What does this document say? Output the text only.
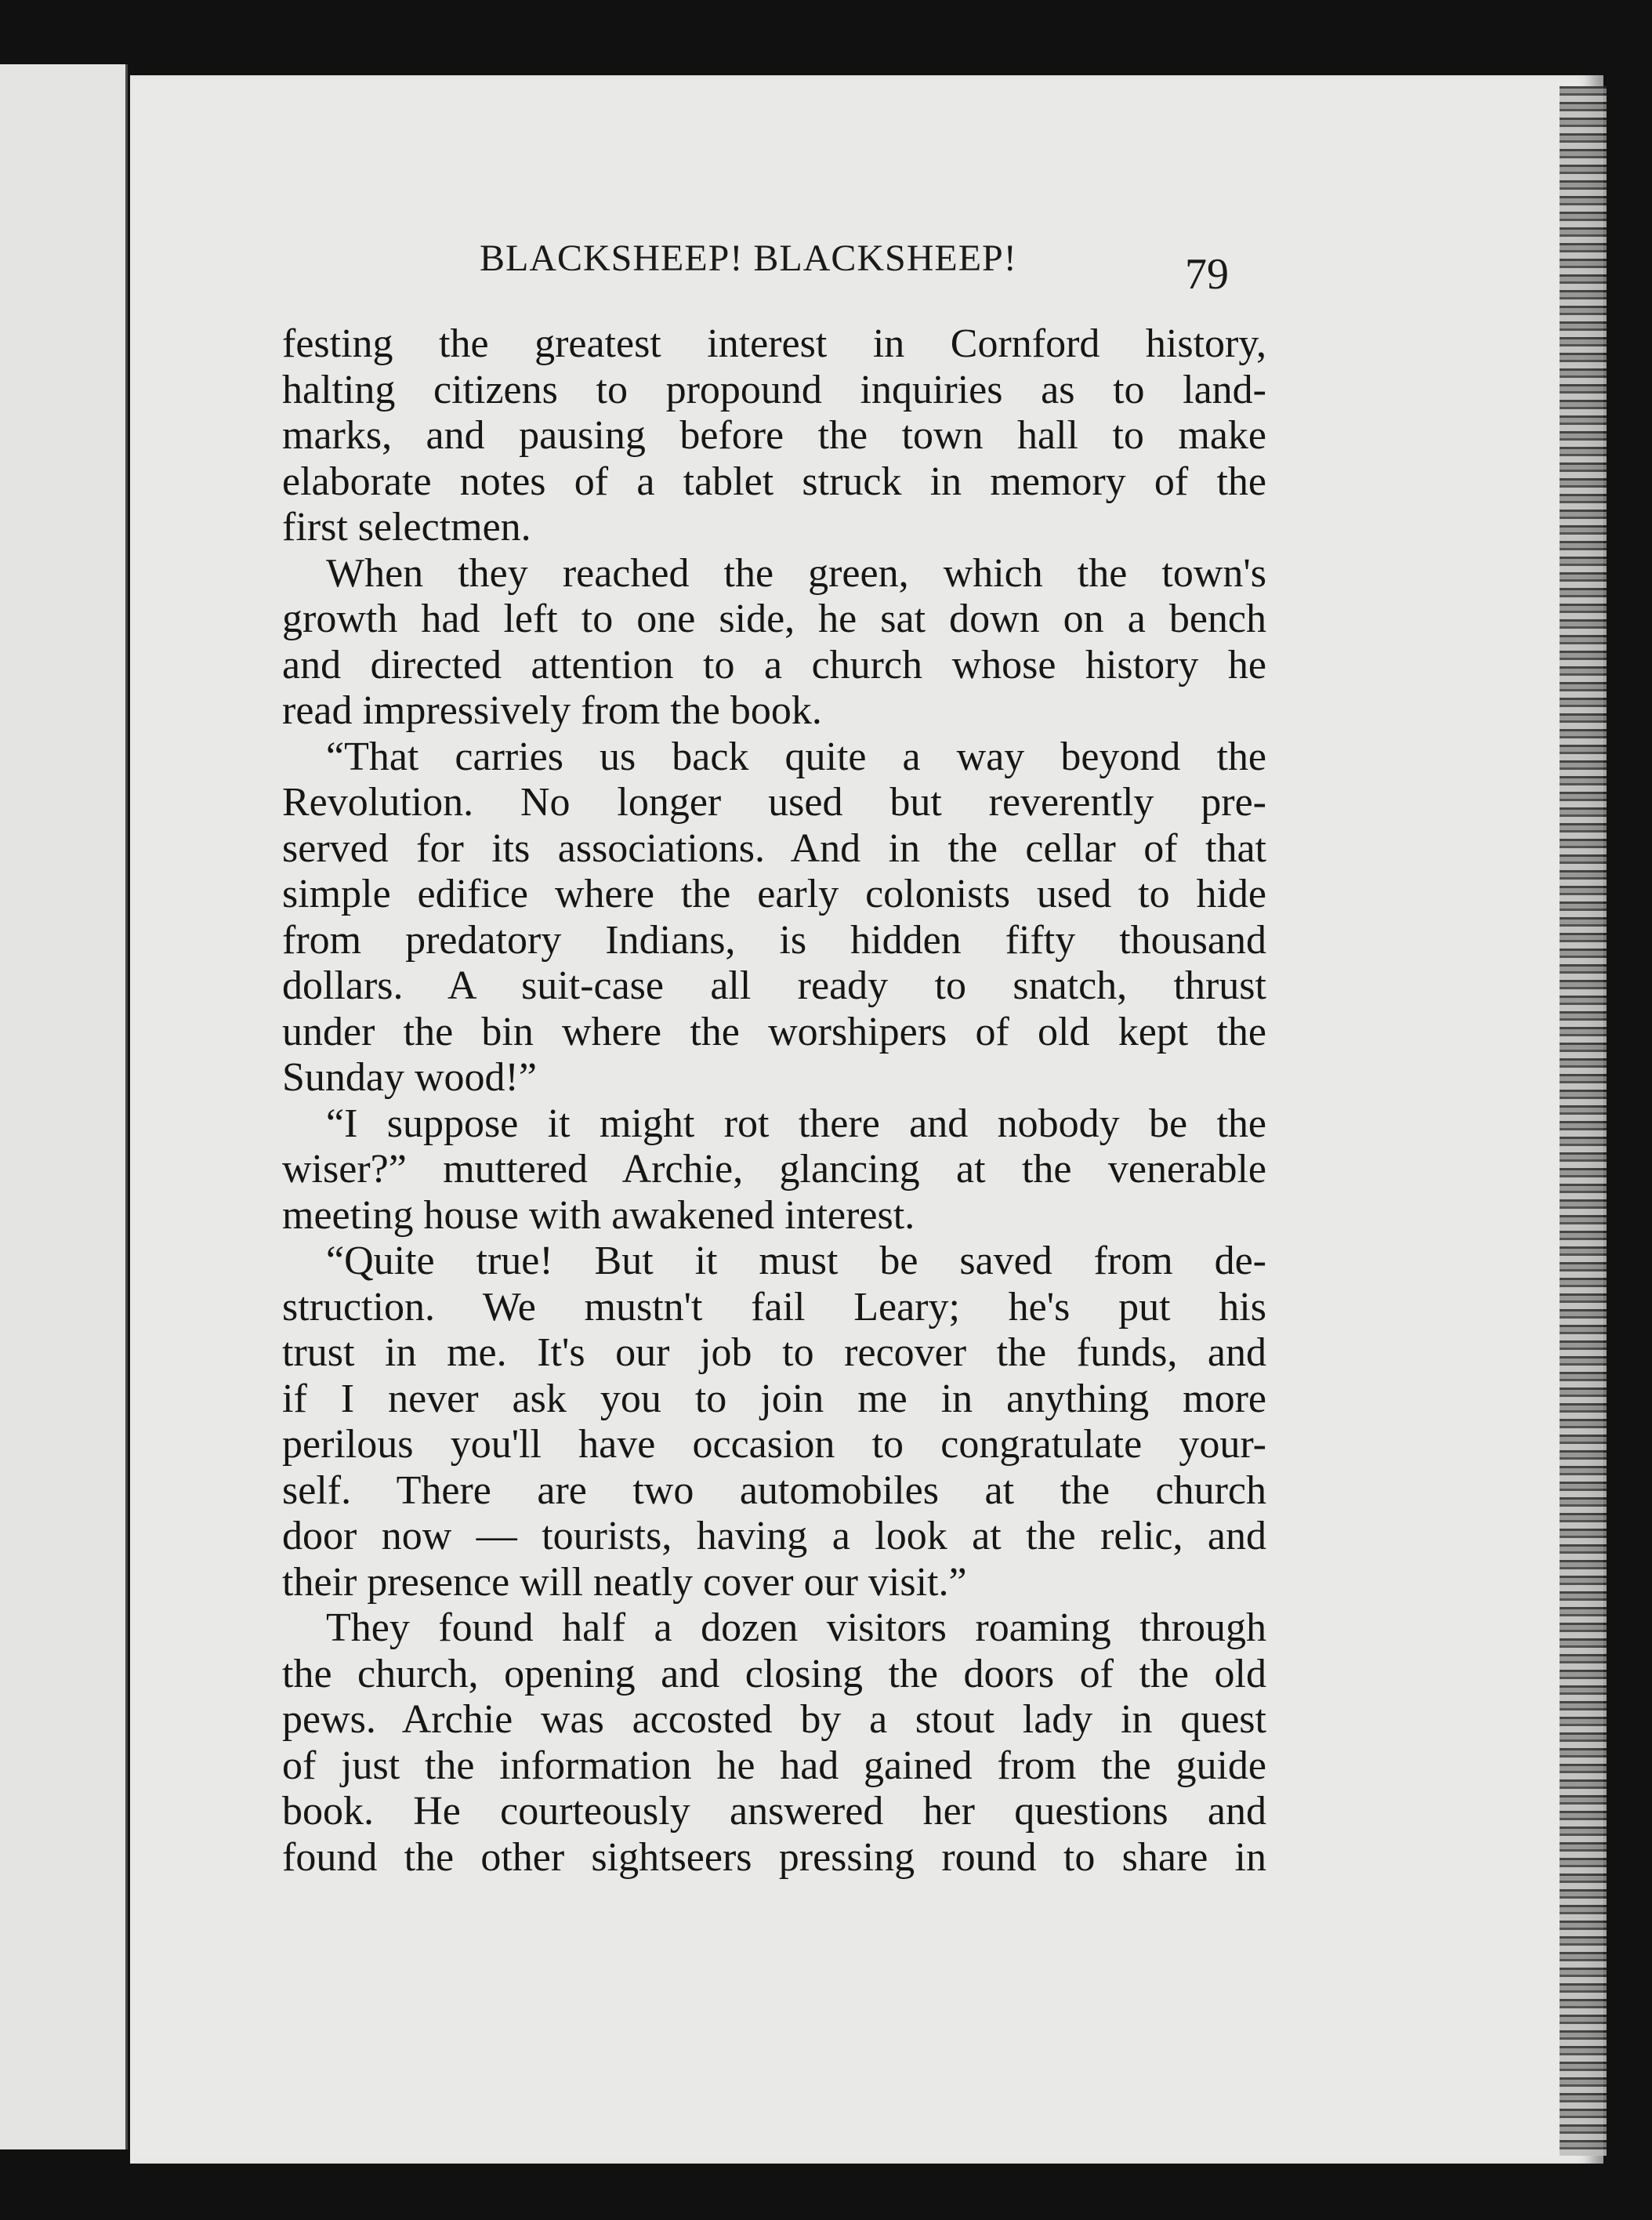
BLACKSHEEP! BLACKSHEEP!	79
festing the greatest interest in Cornford history,
halting citizens to propound inquiries as to land-
marks, and pausing before the town hall to make
elaborate notes of a tablet struck in memory of the
first selectmen.
When they reached the green, which the town's
growth had left to one side, he sat down on a bench
and directed attention to a church whose history he
read impressively from the book.
“That carries us back quite a way beyond the
Revolution. No longer used but reverently pre-
served for its associations. And in the cellar of that
simple edifice where the early colonists used to hide
from predatory Indians, is hidden fifty thousand
dollars. A suit-case all ready to snatch, thrust
under the bin where the worshipers of old kept the
Sunday wood!”
“I suppose it might rot there and nobody be the
wiser?” muttered Archie, glancing at the venerable
meeting house with awakened interest.
“Quite true! But it must be saved from de-
struction. We mustn't fail Leary; he's put his
trust in me. It's our job to recover the funds, and
if I never ask you to join me in anything more
perilous you'll have occasion to congratulate your-
self. There are two automobiles at the church
door now — tourists, having a look at the relic, and
their presence will neatly cover our visit.”
They found half a dozen visitors roaming through
the church, opening and closing the doors of the old
pews. Archie was accosted by a stout lady in quest
of just the information he had gained from the guide
book. He courteously answered her questions and
found the other sightseers pressing round to share in
